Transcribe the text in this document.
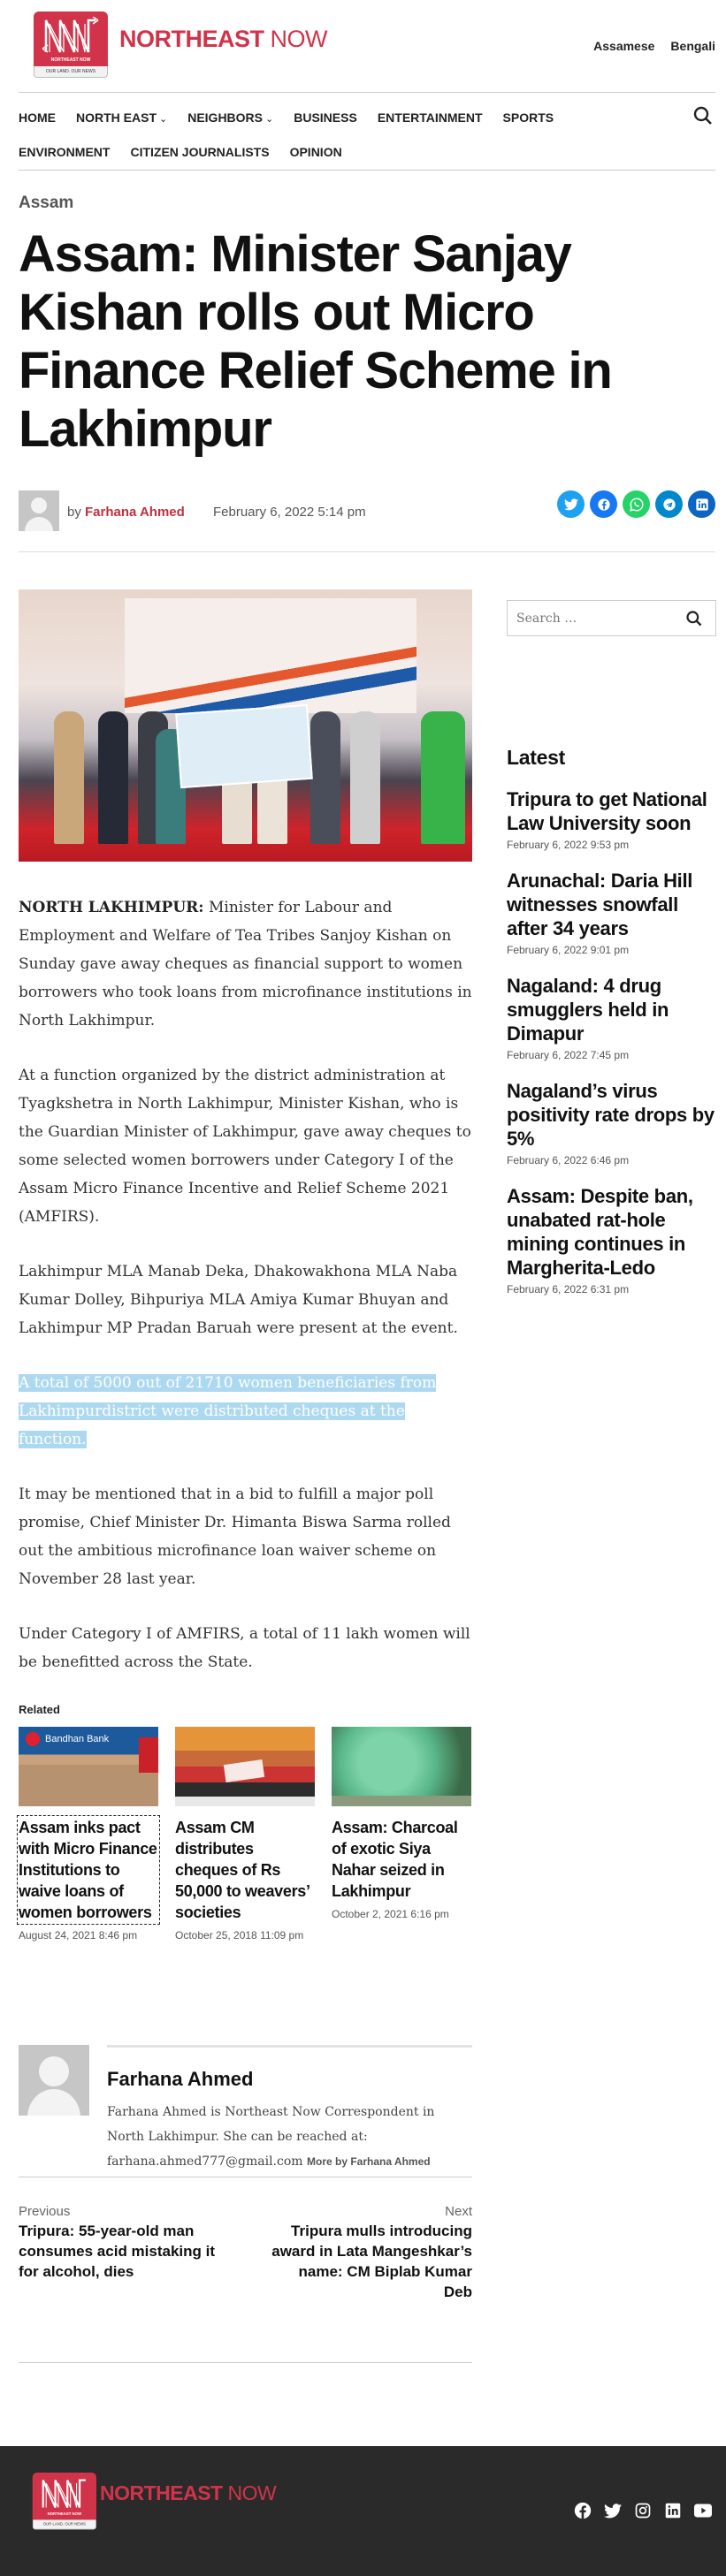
NORTHEAST NOW
OUR LAND. OUR NEWS
NORTHEAST NOW	Assamese Bengali
HOME NORTH EAST ⌄ NEIGHBORS ⌄ BUSINESS ENTERTAINMENT SPORTS
ENVIRONMENT CITIZEN JOURNALISTS OPINION
Assam
Assam: Minister Sanjay Kishan rolls out Micro Finance Relief Scheme in Lakhimpur
by Farhana Ahmed February 6, 2022 5:14 pm

NORTH LAKHIMPUR: Minister for Labour and Employment and Welfare of Tea Tribes Sanjoy Kishan on Sunday gave away cheques as financial support to women borrowers who took loans from microfinance institutions in North Lakhimpur.

At a function organized by the district administration at Tyagkshetra in North Lakhimpur, Minister Kishan, who is the Guardian Minister of Lakhimpur, gave away cheques to some selected women borrowers under Category I of the Assam Micro Finance Incentive and Relief Scheme 2021 (AMFIRS).

Lakhimpur MLA Manab Deka, Dhakowakhona MLA Naba Kumar Dolley, Bihpuriya MLA Amiya Kumar Bhuyan and Lakhimpur MP Pradan Baruah were present at the event.

A total of 5000 out of 21710 women beneficiaries from Lakhimpurdistrict were distributed cheques at the function.

It may be mentioned that in a bid to fulfill a major poll promise, Chief Minister Dr. Himanta Biswa Sarma rolled out the ambitious microfinance loan waiver scheme on November 28 last year.

Under Category I of AMFIRS, a total of 11 lakh women will be benefitted across the State.

Related
Bandhan Bank
Assam inks pact with Micro Finance Institutions to waive loans of women borrowers
August 24, 2021 8:46 pm
Assam CM distributes cheques of Rs 50,000 to weavers’ societies
October 25, 2018 11:09 pm
Assam: Charcoal of exotic Siya Nahar seized in Lakhimpur
October 2, 2021 6:16 pm
Farhana Ahmed
Farhana Ahmed is Northeast Now Correspondent in North Lakhimpur. She can be reached at: farhana.ahmed777@gmail.com More by Farhana Ahmed
Previous
Tripura: 55-year-old man consumes acid mistaking it for alcohol, dies
Next
Tripura mulls introducing award in Lata Mangeshkar’s name: CM Biplab Kumar Deb
Search …
Latest
Tripura to get National Law University soon
February 6, 2022 9:53 pm
Arunachal: Daria Hill witnesses snowfall after 34 years
February 6, 2022 9:01 pm
Nagaland: 4 drug smugglers held in Dimapur
February 6, 2022 7:45 pm
Nagaland’s virus positivity rate drops by 5%
February 6, 2022 6:46 pm
Assam: Despite ban, unabated rat-hole mining continues in Margherita-Ledo
February 6, 2022 6:31 pm
NORTHEAST NOW
OUR LAND. OUR NEWS
NORTHEAST NOW
